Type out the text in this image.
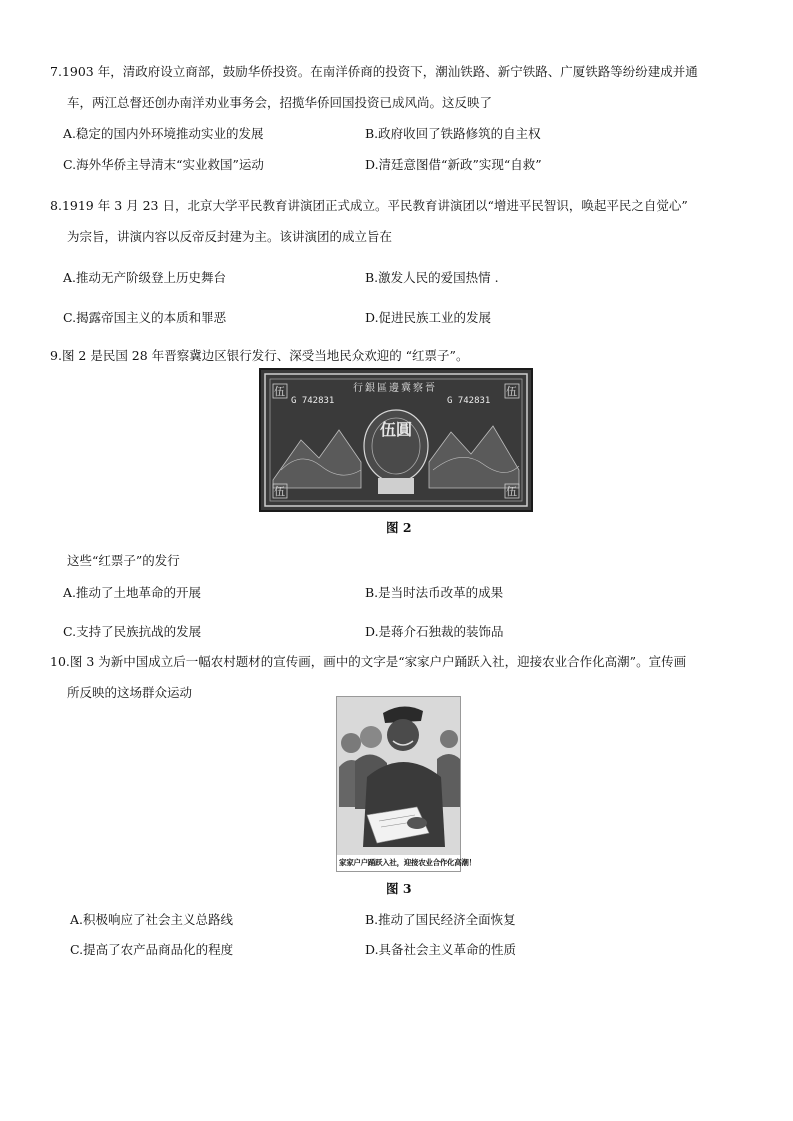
7.1903 年，清政府设立商部，鼓励华侨投资。在南洋侨商的投资下，潮汕铁路、新宁铁路、广厦铁路等纷纷建成并通
车，两江总督还创办南洋劝业事务会，招揽华侨回国投资已成风尚。这反映了
A.稳定的国内外环境推动实业的发展	B.政府收回了铁路修筑的自主权
C.海外华侨主导清末“实业救国”运动	D.清廷意图借“新政”实现“自救”
8.1919 年 3 月 23 日，北京大学平民教育讲演团正式成立。平民教育讲演团以“增进平民智识，唤起平民之自觉心”
为宗旨，讲演内容以反帝反封建为主。该讲演团的成立旨在
A.推动无产阶级登上历史舞台	B.激发人民的爱国热情 .
C.揭露帝国主义的本质和罪恶	D.促进民族工业的发展
9.图 2 是民国 28 年晋察冀边区银行发行、深受当地民众欢迎的 “红票子”。
行銀區邊冀察晉
G 742831	G 742831
伍圓
伍	伍
伍	伍
图 2
这些“红票子”的发行
A.推动了土地革命的开展	B.是当时法币改革的成果
C.支持了民族抗战的发展	D.是蒋介石独裁的装饰品
10.图 3 为新中国成立后一幅农村题材的宣传画，画中的文字是“家家户户踊跃入社，迎接农业合作化高潮”。宣传画
所反映的这场群众运动
家家户户踊跃入社，迎接农业合作化高潮！
图 3
A.积极响应了社会主义总路线	B.推动了国民经济全面恢复
C.提高了农产品商品化的程度	D.具备社会主义革命的性质
